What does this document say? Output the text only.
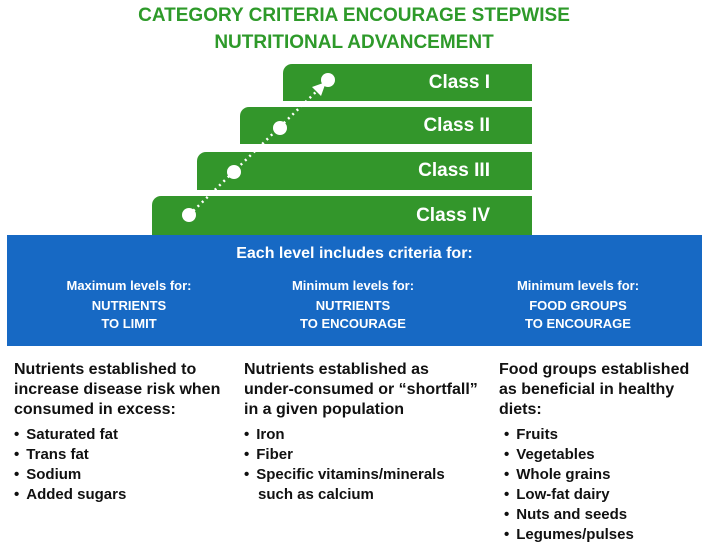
CATEGORY CRITERIA ENCOURAGE STEPWISE
NUTRITIONAL ADVANCEMENT
Class I
Class II
Class III
Class IV
Each level includes criteria for:
Maximum levels for:
NUTRIENTS
TO LIMIT
Minimum levels for:
NUTRIENTS
TO ENCOURAGE
Minimum levels for:
FOOD GROUPS
TO ENCOURAGE
Nutrients established to
increase disease risk when
consumed in excess:
• Saturated fat
• Trans fat
• Sodium
• Added sugars
Nutrients established as
under-consumed or “shortfall”
in a given population
• Iron
• Fiber
• Specific vitamins/minerals
such as calcium
Food groups established
as beneficial in healthy
diets:
• Fruits
• Vegetables
• Whole grains
• Low-fat dairy
• Nuts and seeds
• Legumes/pulses
